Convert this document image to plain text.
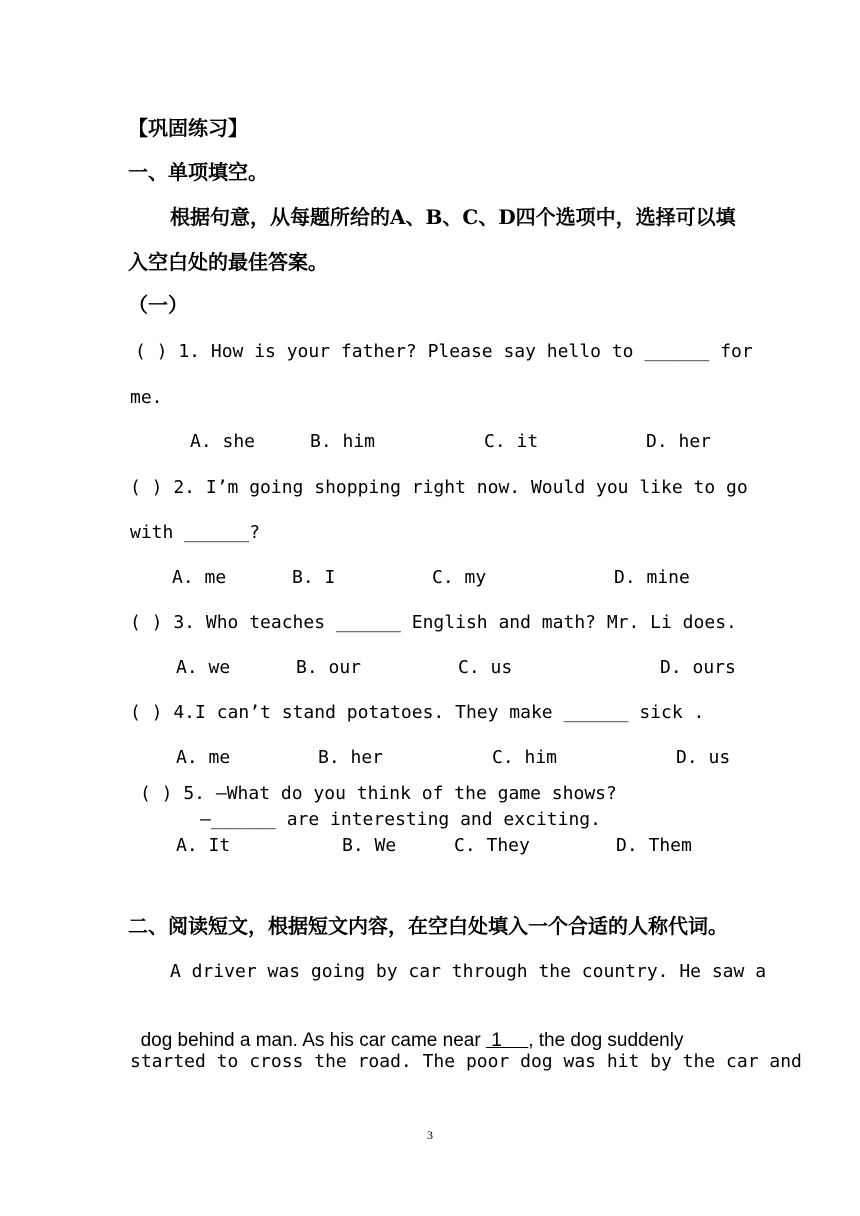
【巩固练习】
一、单项填空。
根据句意，从每题所给的A、B、C、D四个选项中，选择可以填
入空白处的最佳答案。
（一）
( ) 1. How is your father? Please say hello to ______ for
me.
A. she	B. him	C. it	D. her
( ) 2. I’m going shopping right now. Would you like to go
with ______?
A. me	B. I	C. my	D. mine
( ) 3. Who teaches ______ English and math? Mr. Li does.
A. we	B. our	C. us	D. ours
( ) 4.I can’t stand potatoes. They make ______ sick .
A. me	B. her	C. him	D. us
( ) 5. —What do you think of the game shows?
—______ are interesting and exciting.
A. It	B. We	C. They	D. Them
二、阅读短文，根据短文内容，在空白处填入一个合适的人称代词。
A driver was going by car through the country. He saw a

dog behind a man. As his car came near  1     , the dog suddenly

started to cross the road. The poor dog was hit by the car and
3
